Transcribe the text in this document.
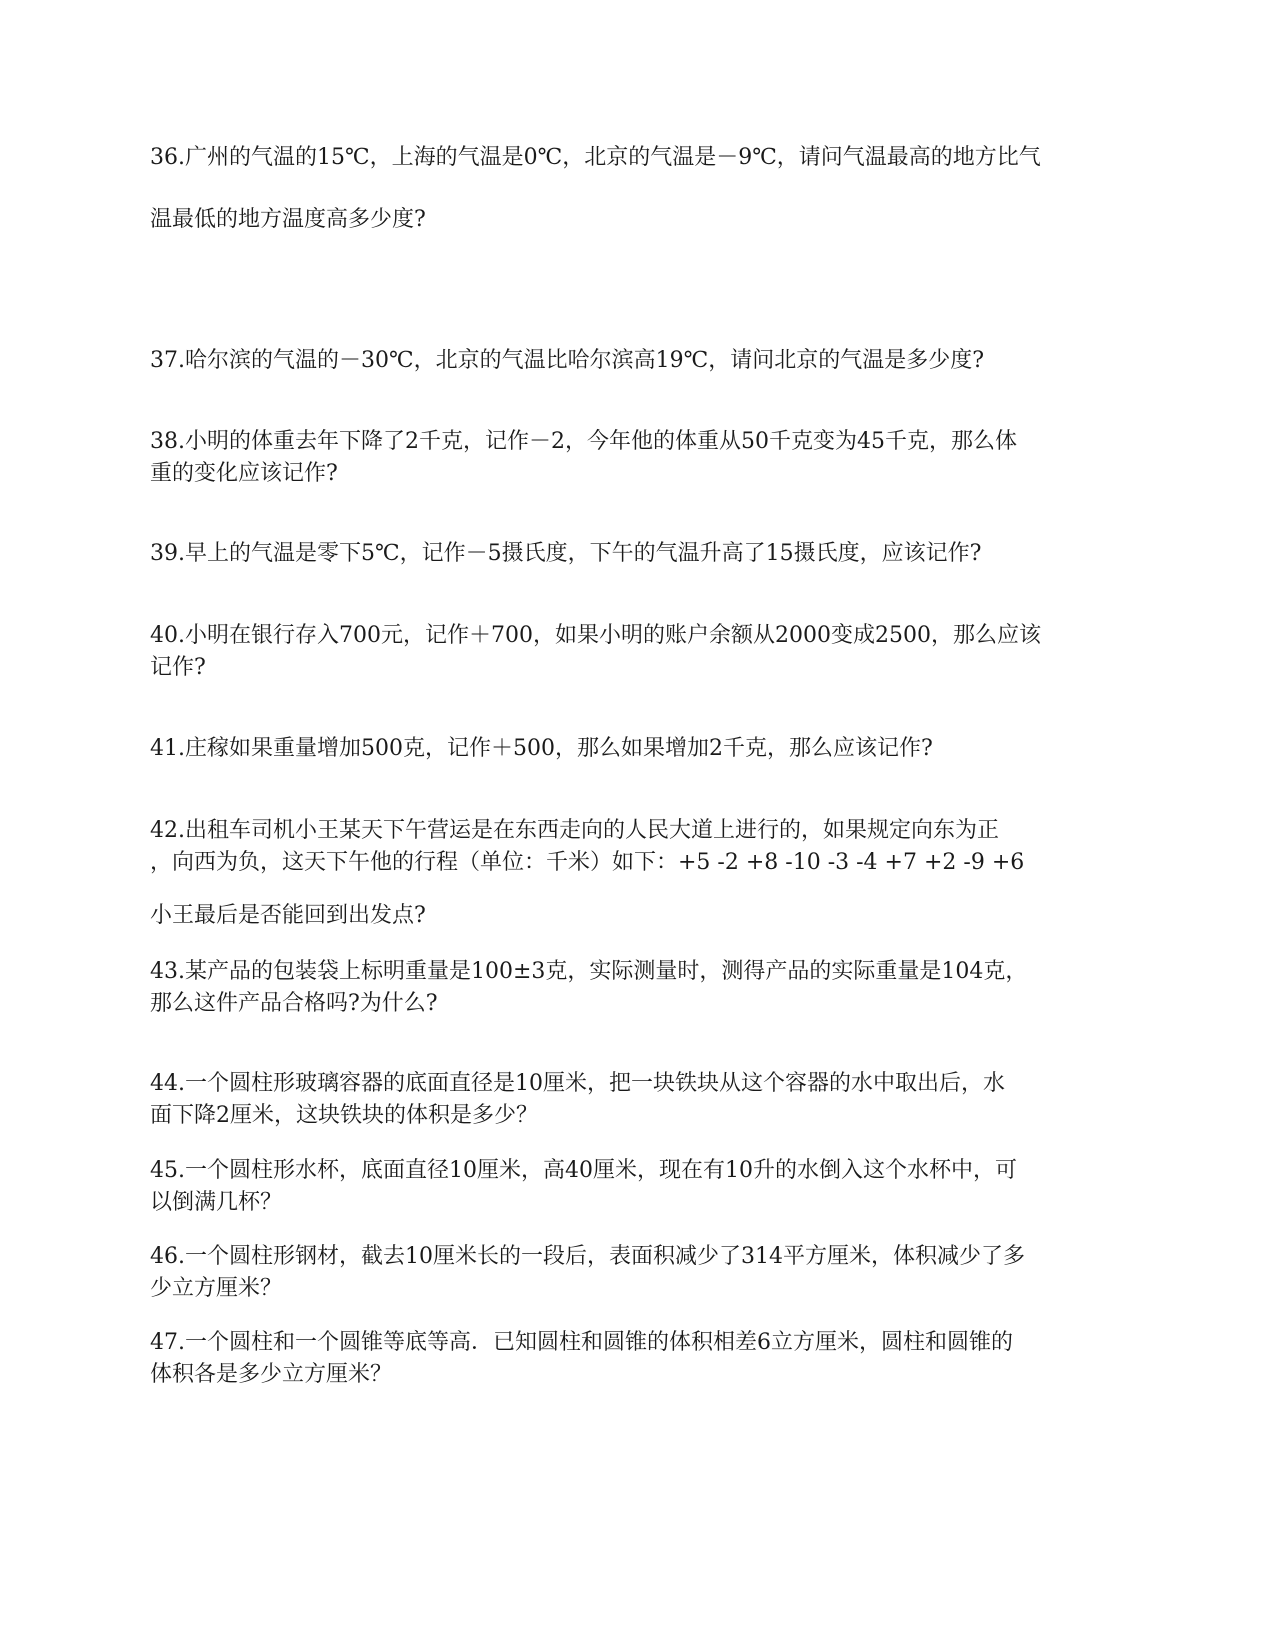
36.广州的气温的15℃，上海的气温是0℃，北京的气温是－9℃，请问气温最高的地方比气
温最低的地方温度高多少度?
37.哈尔滨的气温的－30℃，北京的气温比哈尔滨高19℃，请问北京的气温是多少度?
38.小明的体重去年下降了2千克，记作－2，今年他的体重从50千克变为45千克，那么体
重的变化应该记作?
39.早上的气温是零下5℃，记作－5摄氏度，下午的气温升高了15摄氏度，应该记作?
40.小明在银行存入700元，记作＋700，如果小明的账户余额从2000变成2500，那么应该
记作?
41.庄稼如果重量增加500克，记作＋500，那么如果增加2千克，那么应该记作?
42.出租车司机小王某天下午营运是在东西走向的人民大道上进行的，如果规定向东为正
，向西为负，这天下午他的行程（单位：千米）如下：+5 -2 +8 -10 -3 -4 +7 +2 -9 +6
小王最后是否能回到出发点?
43.某产品的包装袋上标明重量是100±3克，实际测量时，测得产品的实际重量是104克，
那么这件产品合格吗?为什么?
44.一个圆柱形玻璃容器的底面直径是10厘米，把一块铁块从这个容器的水中取出后，水
面下降2厘米，这块铁块的体积是多少？
45.一个圆柱形水杯，底面直径10厘米，高40厘米，现在有10升的水倒入这个水杯中，可
以倒满几杯？
46.一个圆柱形钢材，截去10厘米长的一段后，表面积减少了314平方厘米，体积减少了多
少立方厘米？
47.一个圆柱和一个圆锥等底等高．已知圆柱和圆锥的体积相差6立方厘米，圆柱和圆锥的
体积各是多少立方厘米？
